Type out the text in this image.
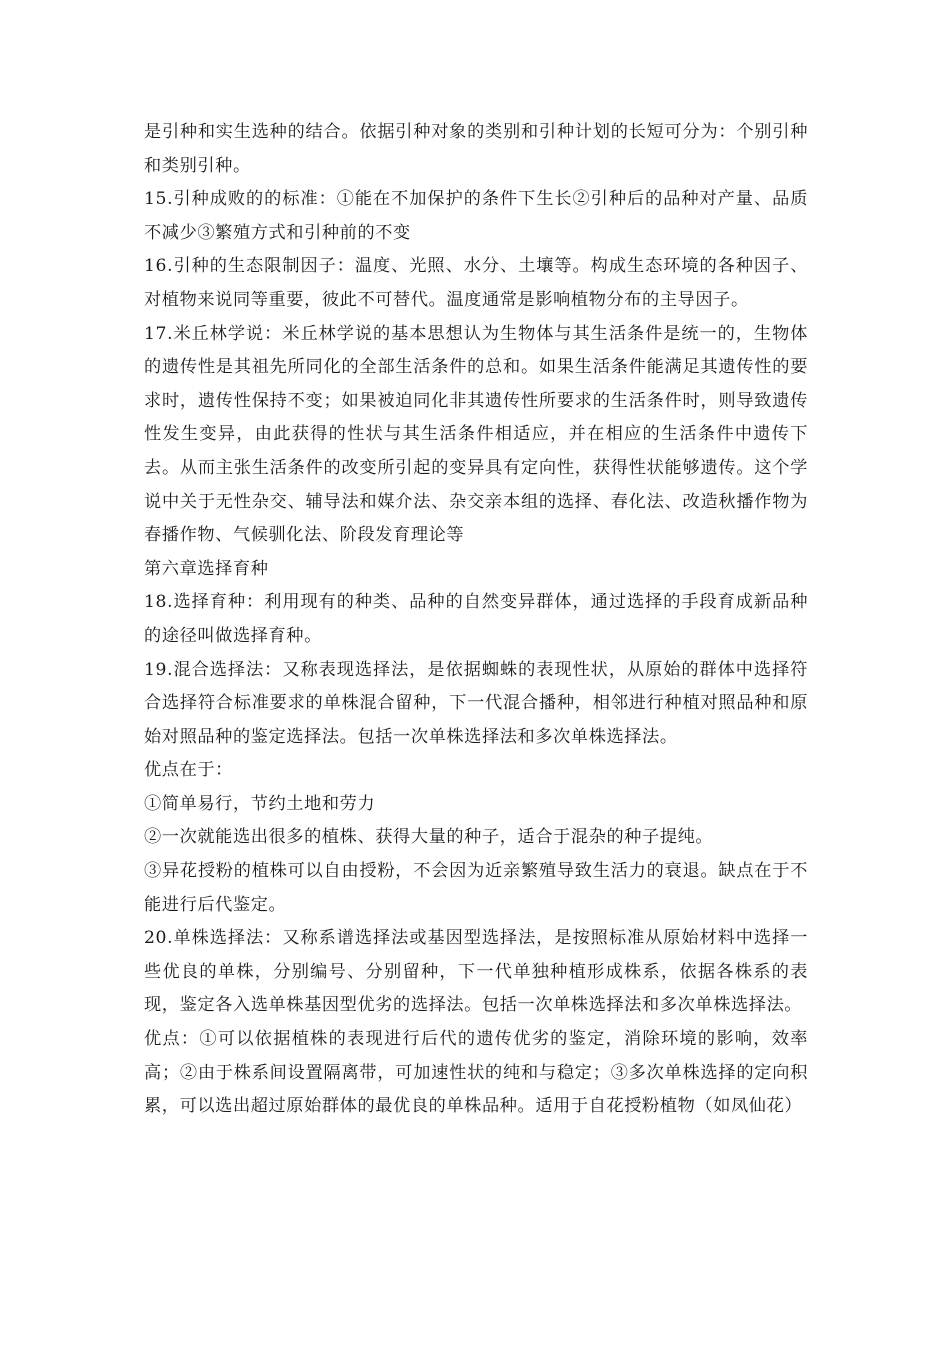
是引种和实生选种的结合。依据引种对象的类别和引种计划的长短可分为：个别引种和类别引种。

15.引种成败的的标准：①能在不加保护的条件下生长②引种后的品种对产量、品质不减少③繁殖方式和引种前的不变

16.引种的生态限制因子：温度、光照、水分、土壤等。构成生态环境的各种因子、对植物来说同等重要，彼此不可替代。温度通常是影响植物分布的主导因子。

17.米丘林学说：米丘林学说的基本思想认为生物体与其生活条件是统一的，生物体的遗传性是其祖先所同化的全部生活条件的总和。如果生活条件能满足其遗传性的要求时，遗传性保持不变；如果被迫同化非其遗传性所要求的生活条件时，则导致遗传性发生变异，由此获得的性状与其生活条件相适应，并在相应的生活条件中遗传下去。从而主张生活条件的改变所引起的变异具有定向性，获得性状能够遗传。这个学说中关于无性杂交、辅导法和媒介法、杂交亲本组的选择、春化法、改造秋播作物为春播作物、气候驯化法、阶段发育理论等

第六章选择育种

18.选择育种：利用现有的种类、品种的自然变异群体，通过选择的手段育成新品种的途径叫做选择育种。

19.混合选择法：又称表现选择法，是依据蜘蛛的表现性状，从原始的群体中选择符合选择符合标准要求的单株混合留种，下一代混合播种，相邻进行种植对照品种和原始对照品种的鉴定选择法。包括一次单株选择法和多次单株选择法。

优点在于：

①简单易行，节约土地和劳力

②一次就能选出很多的植株、获得大量的种子，适合于混杂的种子提纯。

③异花授粉的植株可以自由授粉，不会因为近亲繁殖导致生活力的衰退。缺点在于不能进行后代鉴定。

20.单株选择法：又称系谱选择法或基因型选择法，是按照标准从原始材料中选择一些优良的单株，分别编号、分别留种，下一代单独种植形成株系，依据各株系的表现，鉴定各入选单株基因型优劣的选择法。包括一次单株选择法和多次单株选择法。

优点：①可以依据植株的表现进行后代的遗传优劣的鉴定，消除环境的影响，效率高；②由于株系间设置隔离带，可加速性状的纯和与稳定；③多次单株选择的定向积累，可以选出超过原始群体的最优良的单株品种。适用于自花授粉植物（如凤仙花）
